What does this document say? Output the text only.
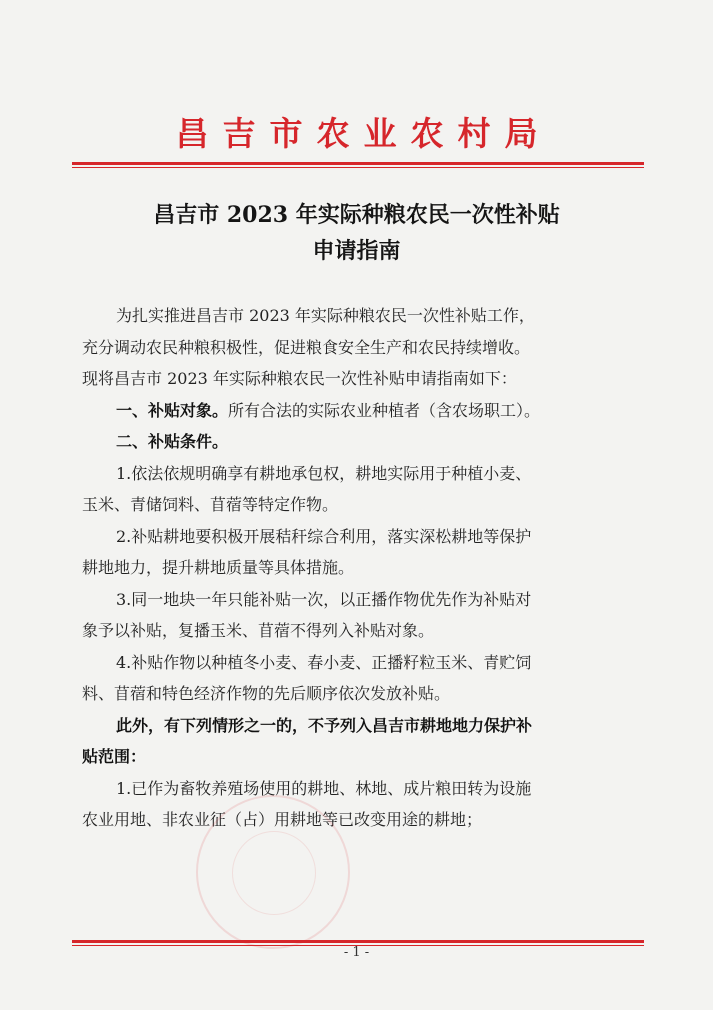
昌吉市农业农村局
昌吉市 2023 年实际种粮农民一次性补贴
申请指南

为扎实推进昌吉市 2023 年实际种粮农民一次性补贴工作，

充分调动农民种粮积极性，促进粮食安全生产和农民持续增收。

现将昌吉市 2023 年实际种粮农民一次性补贴申请指南如下：

一、补贴对象。所有合法的实际农业种植者（含农场职工）。

二、补贴条件。

1.依法依规明确享有耕地承包权，耕地实际用于种植小麦、

玉米、青储饲料、苜蓿等特定作物。

2.补贴耕地要积极开展秸秆综合利用，落实深松耕地等保护

耕地地力，提升耕地质量等具体措施。

3.同一地块一年只能补贴一次，以正播作物优先作为补贴对

象予以补贴，复播玉米、苜蓿不得列入补贴对象。

4.补贴作物以种植冬小麦、春小麦、正播籽粒玉米、青贮饲

料、苜蓿和特色经济作物的先后顺序依次发放补贴。

此外，有下列情形之一的，不予列入昌吉市耕地地力保护补

贴范围：

1.已作为畜牧养殖场使用的耕地、林地、成片粮田转为设施

农业用地、非农业征（占）用耕地等已改变用途的耕地；

- 1 -
